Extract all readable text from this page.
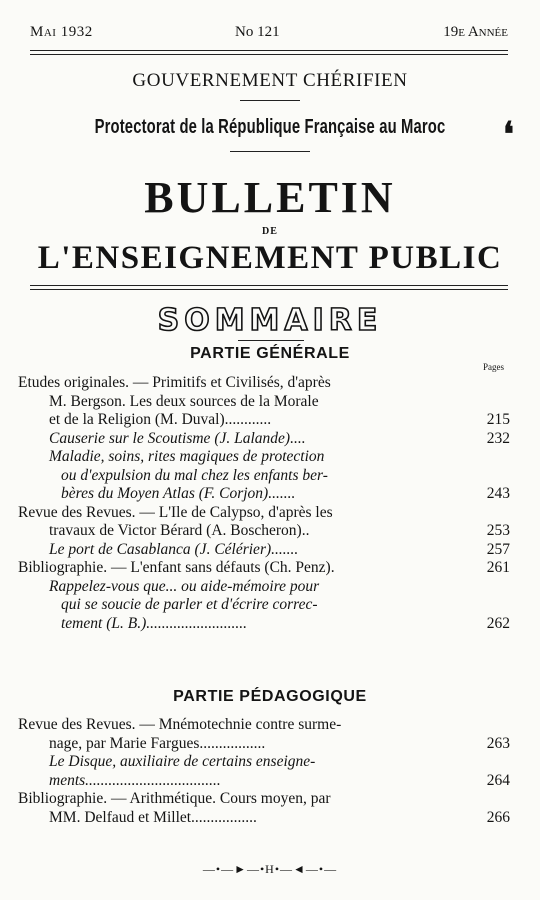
Mai 1932	No 121	19e Année
GOUVERNEMENT CHÉRIFIEN
Protectorat de la République Française au Maroc
BULLETIN
DE
L'ENSEIGNEMENT PUBLIC
SOMMAIRE
PARTIE GÉNÉRALE
Pages
Etudes originales. — Primitifs et Civilisés, d'après
M. Bergson. Les deux sources de la Morale
et de la Religion (M. Duval)............	215
Causerie sur le Scoutisme (J. Lalande)....	232
Maladie, soins, rites magiques de protection
ou d'expulsion du mal chez les enfants ber-
bères du Moyen Atlas (F. Corjon).......	243
Revue des Revues. — L'Ile de Calypso, d'après les
travaux de Victor Bérard (A. Boscheron)..	253
Le port de Casablanca (J. Célérier).......	257
Bibliographie. — L'enfant sans défauts (Ch. Penz).	261
Rappelez-vous que... ou aide-mémoire pour
qui se soucie de parler et d'écrire correc-
tement (L. B.)..........................	262
PARTIE PÉDAGOGIQUE
Revue des Revues. — Mnémotechnie contre surme-
nage, par Marie Fargues.................	263
Le Disque, auxiliaire de certains enseigne-
ments...................................	264
Bibliographie. — Arithmétique. Cours moyen, par
MM. Delfaud et Millet.................	266
—•—►—•H•—◄—•—
❛
